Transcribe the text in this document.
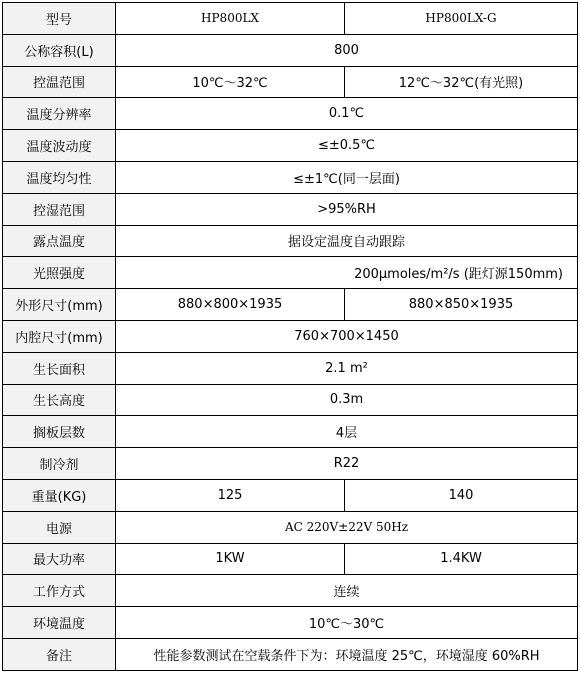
型号	HP800LX	HP800LX-G
公称容积(L)	800	
控温范围	10℃～32℃	12℃～32℃(有光照)
温度分辨率	0.1℃	
温度波动度	≤±0.5℃	
温度均匀性	≤±1℃(同一层面)	
控湿范围	>95%RH	
露点温度	据设定温度自动跟踪	
光照强度	200μmoles/m²/s (距灯源150mm)	
外形尺寸(mm)	880×800×1935	880×850×1935
内腔尺寸(mm)	760×700×1450	
生长面积	2.1 m²	
生长高度	0.3m	
搁板层数	4层	
制冷剂	R22	
重量(KG)	125	140
电源	AC 220V±22V 50Hz	
最大功率	1KW	1.4KW
工作方式	连续	
环境温度	10℃～30℃	
备注	性能参数测试在空载条件下为：环境温度 25℃，环境湿度 60%RH	
